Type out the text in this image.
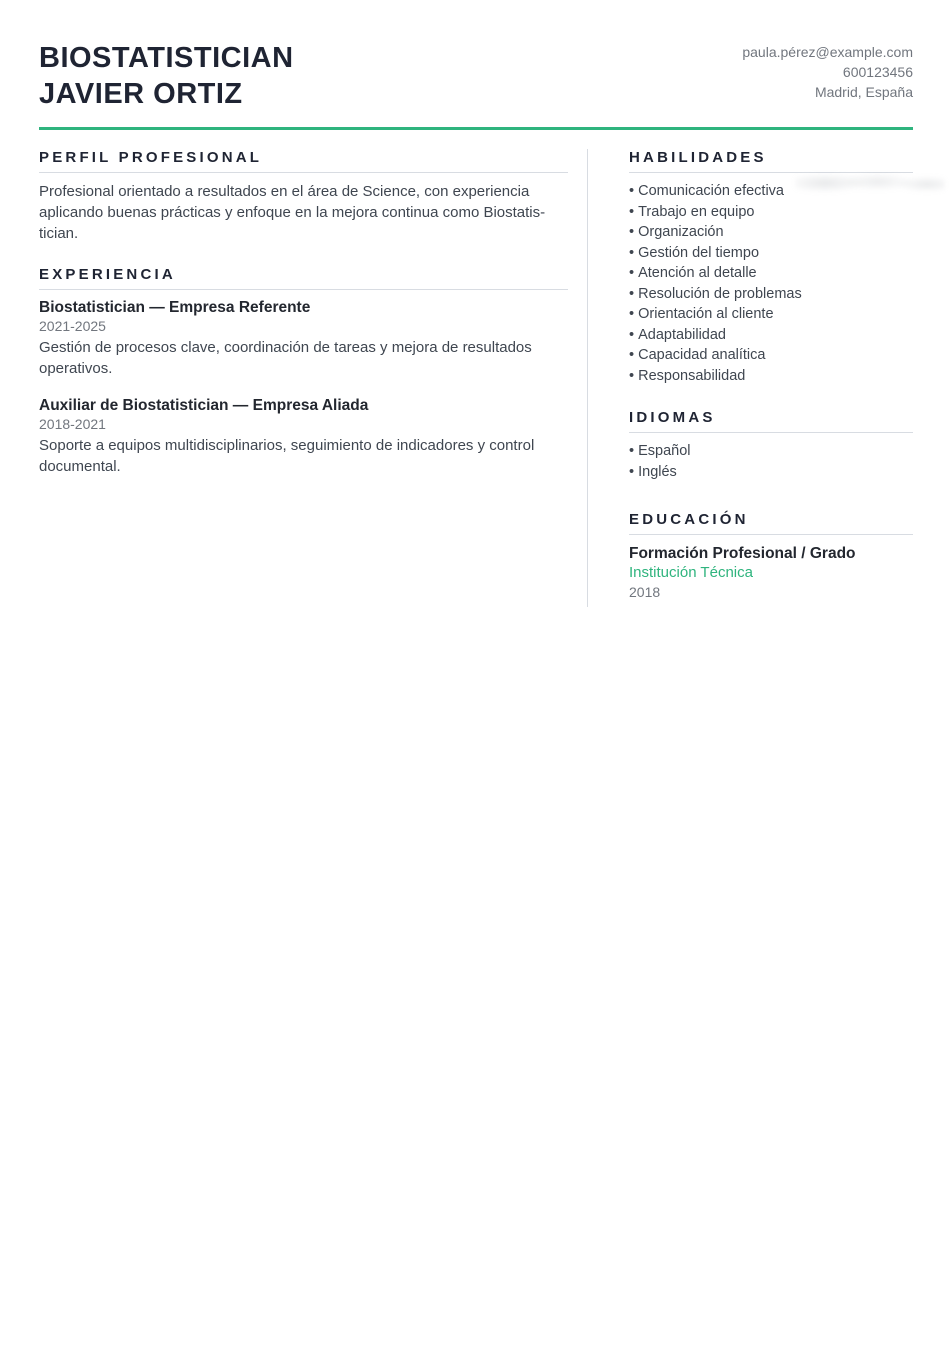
BIOSTATISTICIAN
JAVIER ORTIZ
paula.pérez@example.com
600123456
Madrid, España
PERFIL PROFESIONAL

Profesional orientado a resultados en el área de Science, con experiencia aplicando buenas prácticas y enfoque en la mejora continua como Biostatistician.

EXPERIENCIA
Biostatistician — Empresa Referente
2021-2025

Gestión de procesos clave, coordinación de tareas y mejora de resultados operativos.

Auxiliar de Biostatistician — Empresa Aliada
2018-2021

Soporte a equipos multidisciplinarios, seguimiento de indicadores y control documental.

HABILIDADES
• Comunicación efectiva
• Trabajo en equipo
• Organización
• Gestión del tiempo
• Atención al detalle
• Resolución de problemas
• Orientación al cliente
• Adaptabilidad
• Capacidad analítica
• Responsabilidad
IDIOMAS
• Español
• Inglés
EDUCACIÓN
Formación Profesional / Grado
Institución Técnica
2018
